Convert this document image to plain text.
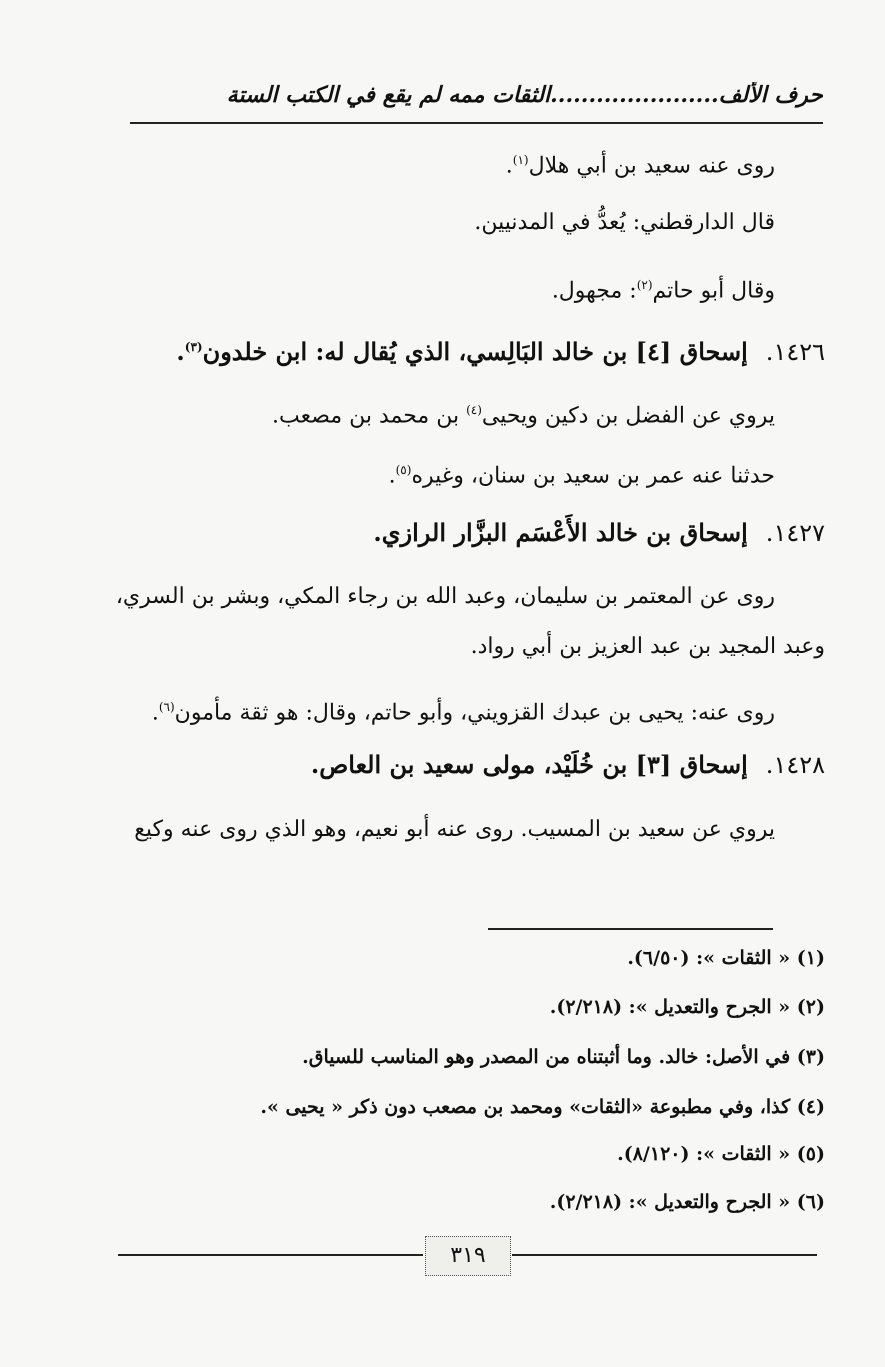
حرف الألف......................الثقات ممه لم يقع في الكتب الستة
روى عنه سعيد بن أبي هلال$^{(١)}$.
قال الدارقطني: يُعدُّ في المدنيين.
وقال أبو حاتم$^{(٢)}$: مجهول.
١٤٢٦.إسحاق [٤] بن خالد البَالِسي، الذي يُقال له: ابن خلدون$^{(٣)}$.
يروي عن الفضل بن دكين ويحيى$^{(٤)}$ بن محمد بن مصعب.
حدثنا عنه عمر بن سعيد بن سنان، وغيره$^{(٥)}$.
١٤٢٧.إسحاق بن خالد الأَعْسَم البزَّار الرازي.
روى عن المعتمر بن سليمان، وعبد الله بن رجاء المكي، وبشر بن السري،
وعبد المجيد بن عبد العزيز بن أبي رواد.
روى عنه: يحيى بن عبدك القزويني، وأبو حاتم، وقال: هو ثقة مأمون$^{(٦)}$.
١٤٢٨.إسحاق [٣] بن خُلَيْد، مولى سعيد بن العاص.
يروي عن سعيد بن المسيب. روى عنه أبو نعيم، وهو الذي روى عنه وكيع
(١) « الثقات »: (٦/٥٠).
(٢) « الجرح والتعديل »: (٢/٢١٨).
(٣) في الأصل: خالد. وما أثبتناه من المصدر وهو المناسب للسياق.
(٤) كذا، وفي مطبوعة «الثقات» ومحمد بن مصعب دون ذكر « يحيى ».
(٥) « الثقات »: (٨/١٢٠).
(٦) « الجرح والتعديل »: (٢/٢١٨).
٣١٩
